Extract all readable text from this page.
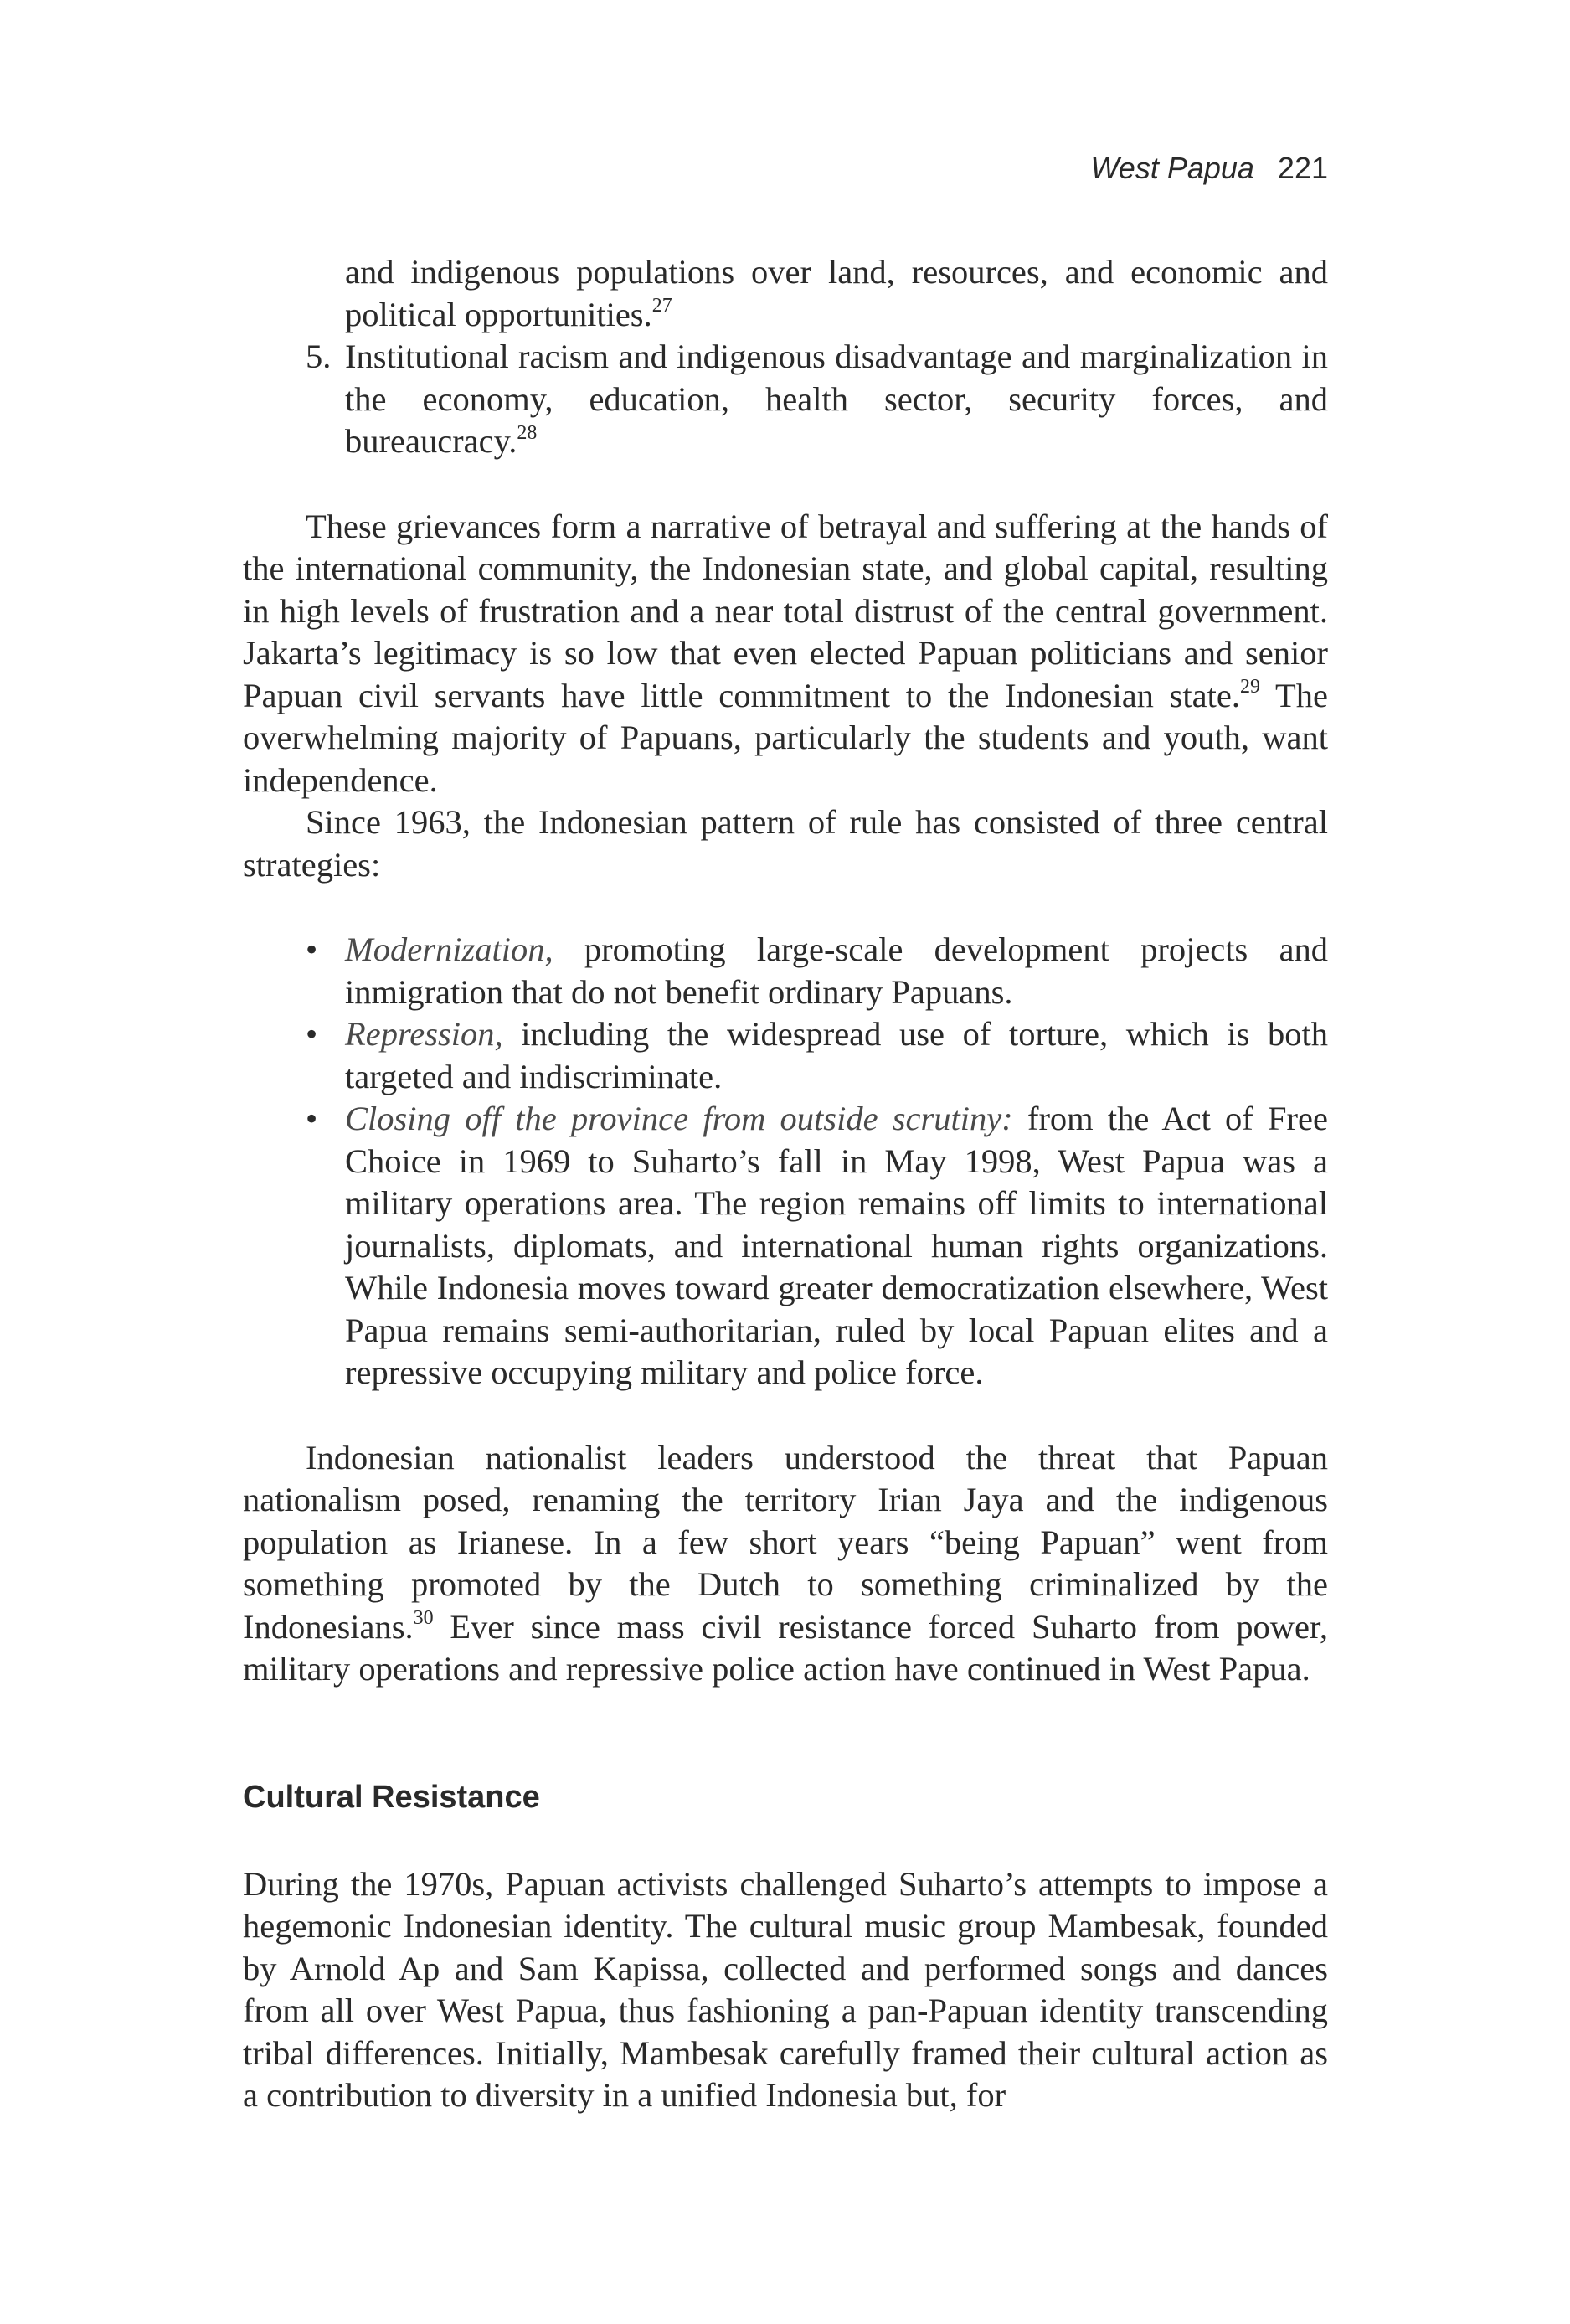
West Papua 221
and indigenous populations over land, resources, and economic and political opportunities.$^{27}$
5. Institutional racism and indigenous disadvantage and marginalization in the economy, education, health sector, security forces, and bureaucracy.$^{28}$

These grievances form a narrative of betrayal and suffering at the hands of the international community, the Indonesian state, and global capital, resulting in high levels of frustration and a near total distrust of the central government. Jakarta’s legitimacy is so low that even elected Papuan politicians and senior Papuan civil servants have little commitment to the Indonesian state.$^{29}$ The overwhelming majority of Papuans, particularly the students and youth, want independence.

Since 1963, the Indonesian pattern of rule has consisted of three central strategies:

• Modernization, promoting large-scale development projects and inmigration that do not benefit ordinary Papuans.
• Repression, including the widespread use of torture, which is both targeted and indiscriminate.
• Closing off the province from outside scrutiny: from the Act of Free Choice in 1969 to Suharto’s fall in May 1998, West Papua was a military operations area. The region remains off limits to international journalists, diplomats, and international human rights organizations. While Indonesia moves toward greater democratization elsewhere, West Papua remains semi-authoritarian, ruled by local Papuan elites and a repressive occupying military and police force.

Indonesian nationalist leaders understood the threat that Papuan nationalism posed, renaming the territory Irian Jaya and the indigenous population as Irianese. In a few short years “being Papuan” went from something promoted by the Dutch to something criminalized by the Indonesians.$^{30}$ Ever since mass civil resistance forced Suharto from power, military operations and repressive police action have continued in West Papua.

Cultural Resistance

During the 1970s, Papuan activists challenged Suharto’s attempts to impose a hegemonic Indonesian identity. The cultural music group Mambesak, founded by Arnold Ap and Sam Kapissa, collected and performed songs and dances from all over West Papua, thus fashioning a pan-Papuan identity transcending tribal differences. Initially, Mambesak carefully framed their cultural action as a contribution to diversity in a unified Indonesia but, for
